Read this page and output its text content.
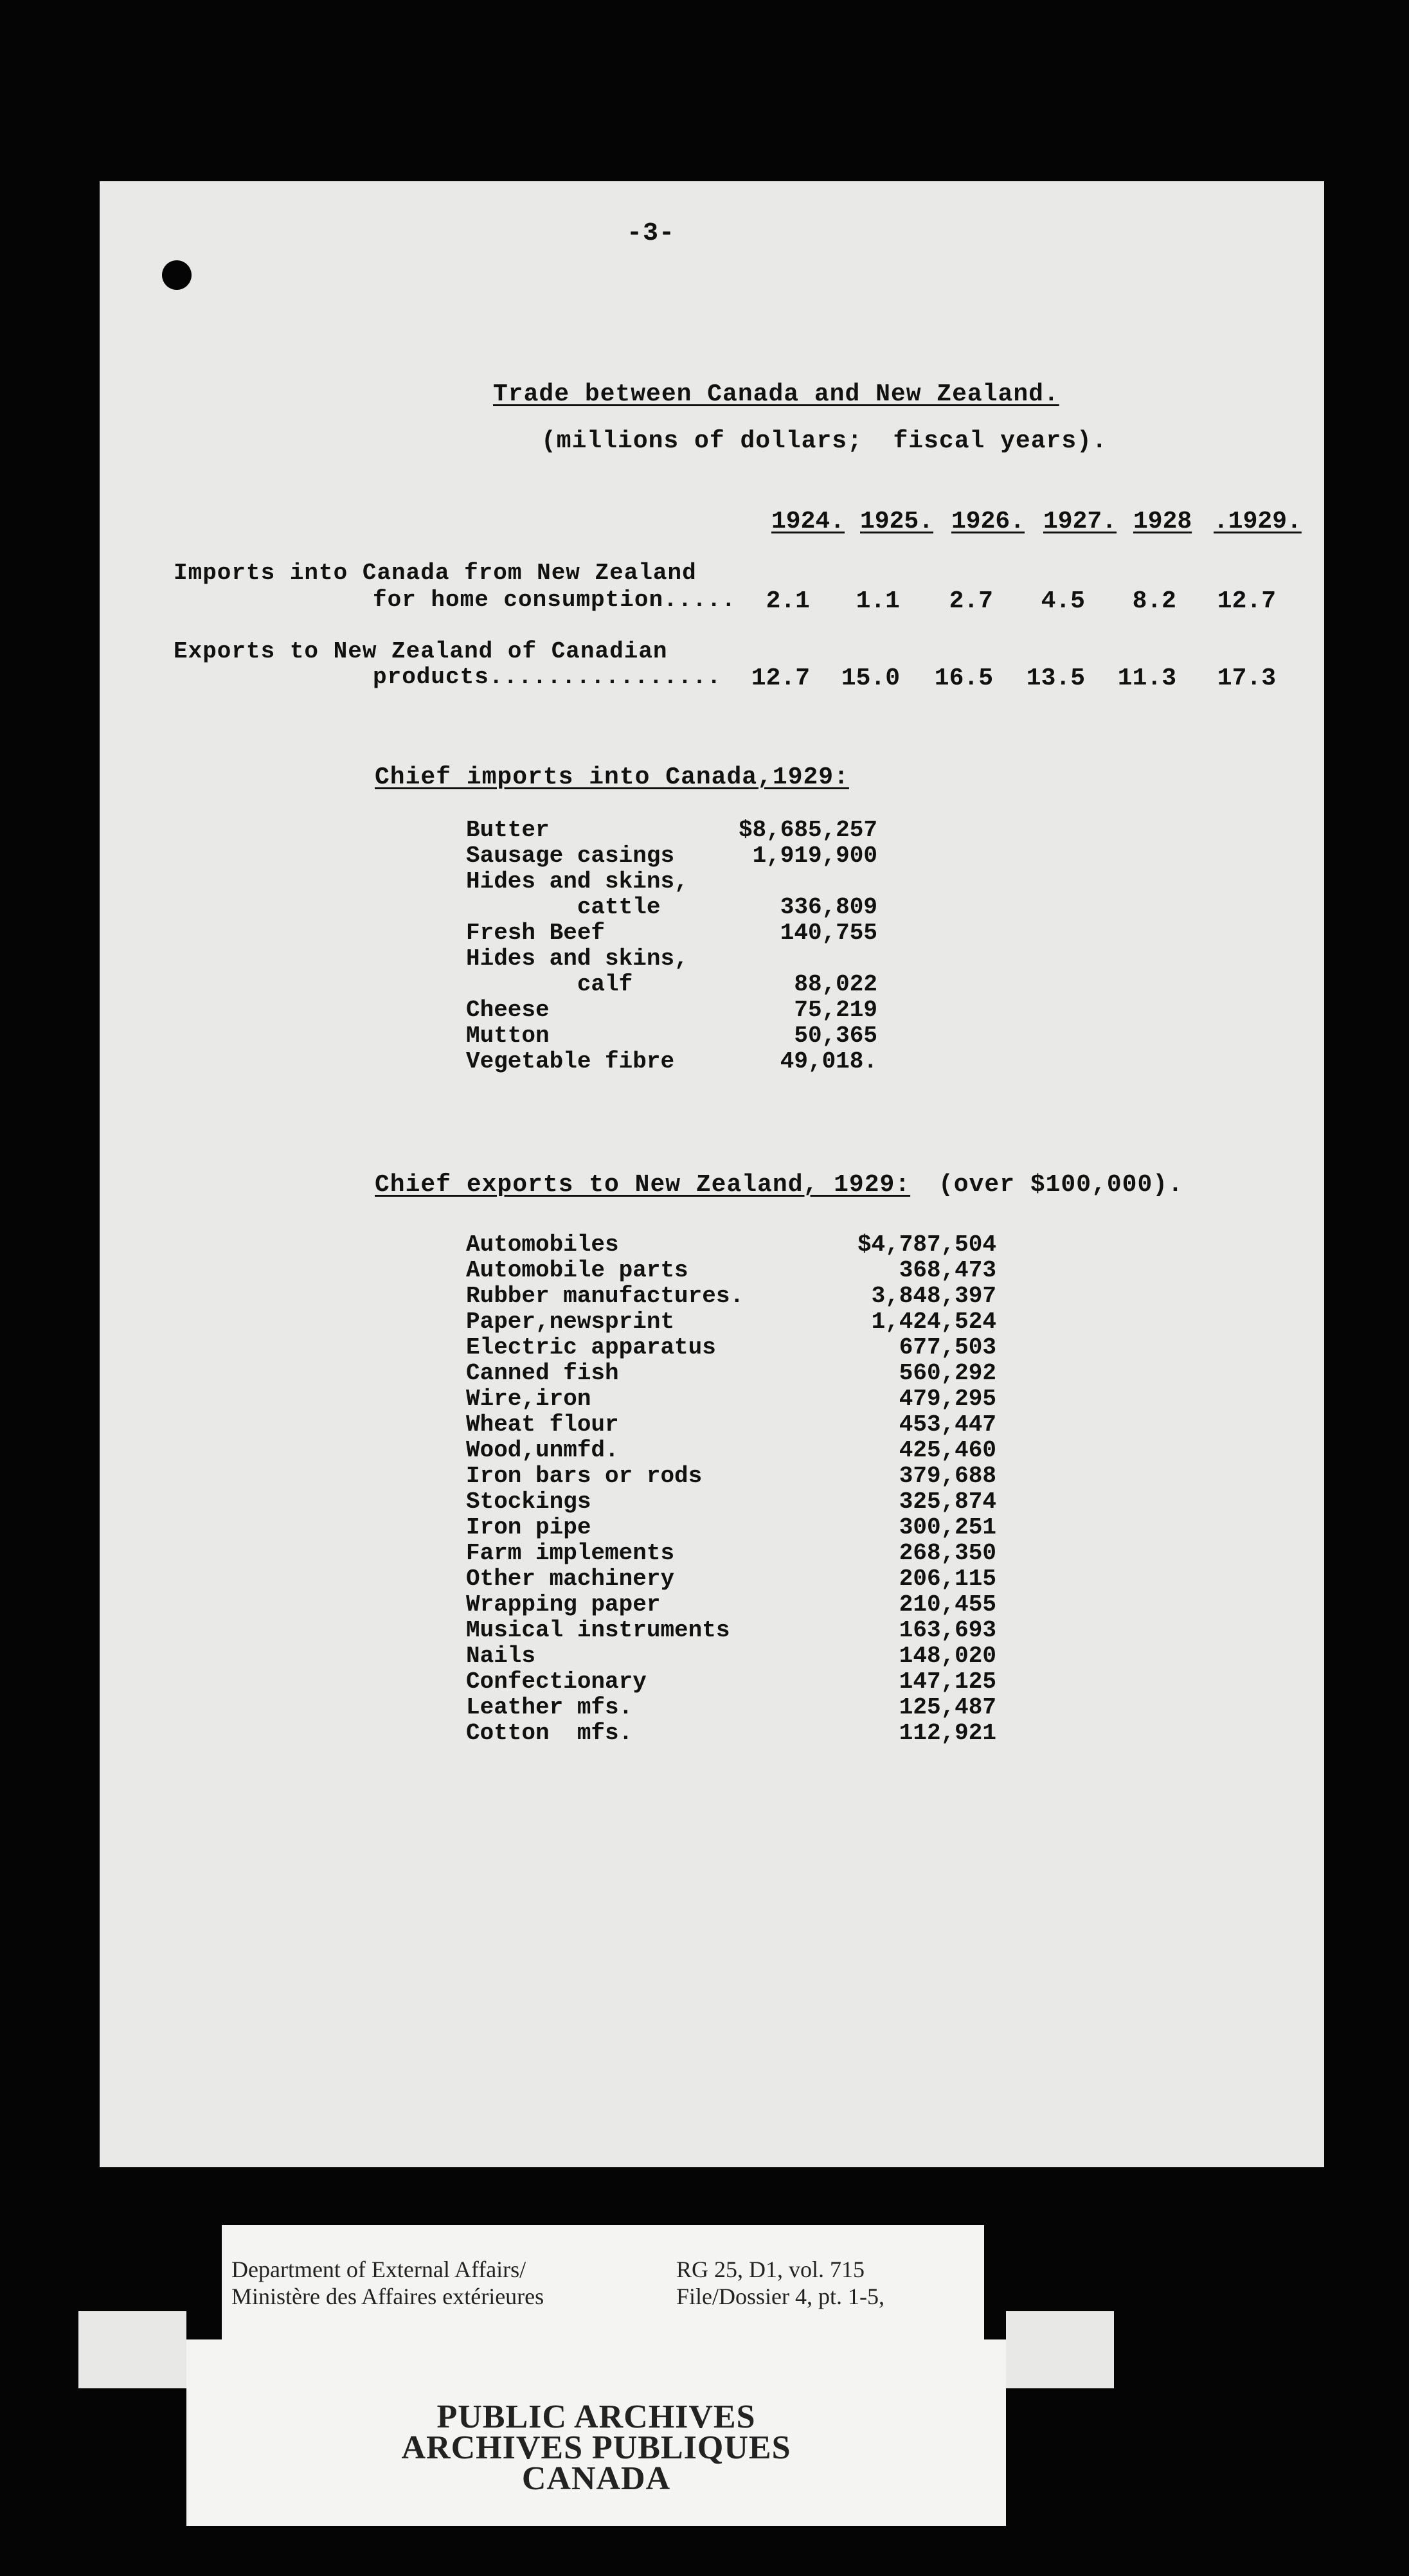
-3-
Trade between Canada and New Zealand.
(millions of dollars;  fiscal years).
1924. 1925. 1926. 1927. 1928 .1929.
Imports into Canada from New Zealand
for home consumption.....	2.1	1.1	2.7	4.5	8.2	12.7
Exports to New Zealand of Canadian
products................	12.7	15.0	16.5	13.5	11.3	17.3
Chief imports into Canada,1929:
Butter	$8,685,257
Sausage casings	1,919,900
Hides and skins,
cattle	336,809
Fresh Beef	140,755
Hides and skins,
calf	88,022
Cheese	75,219
Mutton	50,365
Vegetable fibre	49,018.
Chief exports to New Zealand, 1929: (over $100,000).
Automobiles	$4,787,504
Automobile parts	368,473
Rubber manufactures.	3,848,397
Paper,newsprint	1,424,524
Electric apparatus	677,503
Canned fish	560,292
Wire,iron	479,295
Wheat flour	453,447
Wood,unmfd.	425,460
Iron bars or rods	379,688
Stockings	325,874
Iron pipe	300,251
Farm implements	268,350
Other machinery	206,115
Wrapping paper	210,455
Musical instruments	163,693
Nails	148,020
Confectionary	147,125
Leather mfs.	125,487
Cotton  mfs.	112,921
Department of External Affairs/
Ministère des Affaires extérieures
RG 25, D1, vol. 715
File/Dossier 4, pt. 1-5,
PUBLIC ARCHIVES
ARCHIVES PUBLIQUES
CANADA
